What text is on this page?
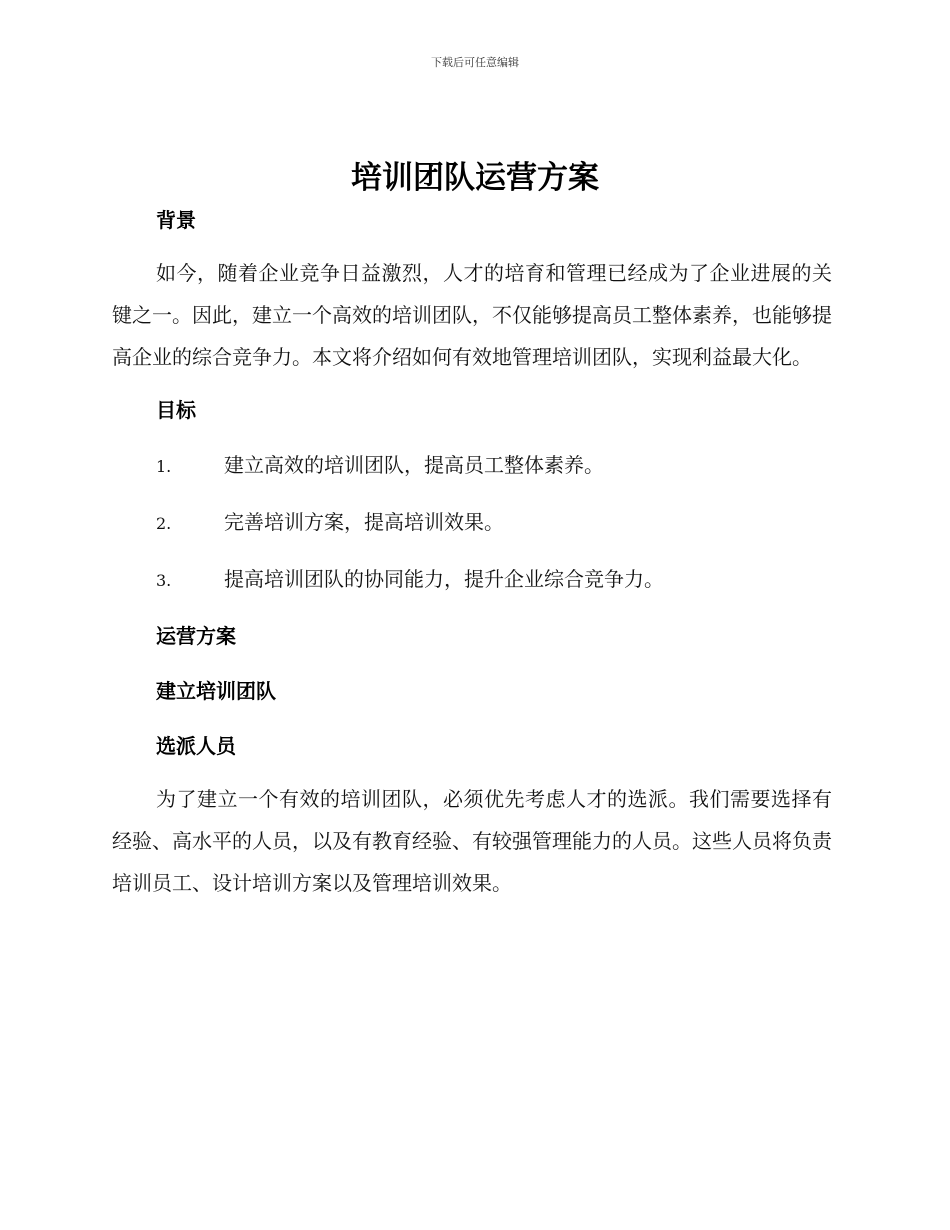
下载后可任意编辑
培训团队运营方案

背景

如今，随着企业竞争日益激烈，人才的培育和管理已经成为了企业进展的关键之一。因此，建立一个高效的培训团队，不仅能够提高员工整体素养，也能够提高企业的综合竞争力。本文将介绍如何有效地管理培训团队，实现利益最大化。

目标

1.	建立高效的培训团队，提高员工整体素养。
2.	完善培训方案，提高培训效果。
3.	提高培训团队的协同能力，提升企业综合竞争力。

运营方案

建立培训团队

选派人员

为了建立一个有效的培训团队，必须优先考虑人才的选派。我们需要选择有经验、高水平的人员，以及有教育经验、有较强管理能力的人员。这些人员将负责培训员工、设计培训方案以及管理培训效果。
